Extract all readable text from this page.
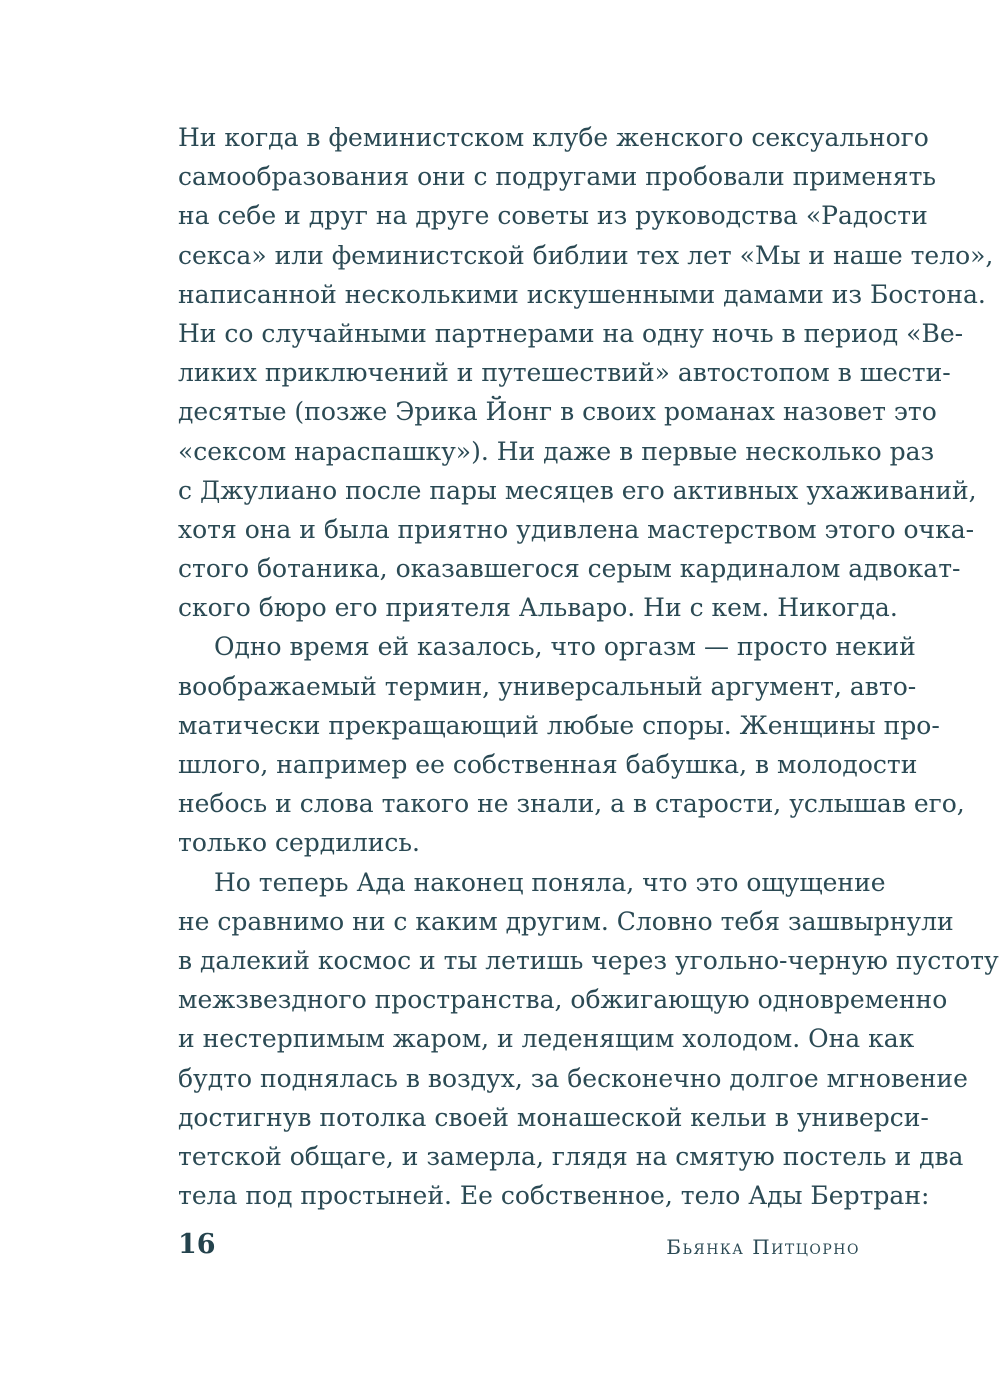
Ни когда в феминистском клубе женского сексуального
самообразования они с подругами пробовали применять
на себе и друг на друге советы из руководства «Радости
секса» или феминистской библии тех лет «Мы и наше тело»,
написанной несколькими искушенными дамами из Бостона.
Ни со случайными партнерами на одну ночь в период «Ве-
ликих приключений и путешествий» автостопом в шести-
десятые (позже Эрика Йонг в своих романах назовет это
«сексом нараспашку»). Ни даже в первые несколько раз
с Джулиано после пары месяцев его активных ухаживаний,
хотя она и была приятно удивлена мастерством этого очка-
стого ботаника, оказавшегося серым кардиналом адвокат-
ского бюро его приятеля Альваро. Ни с кем. Никогда.
Одно время ей казалось, что оргазм — просто некий
воображаемый термин, универсальный аргумент, авто-
матически прекращающий любые споры. Женщины про-
шлого, например ее собственная бабушка, в молодости
небось и слова такого не знали, а в старости, услышав его,
только сердились.
Но теперь Ада наконец поняла, что это ощущение
не сравнимо ни с каким другим. Словно тебя зашвырнули
в далекий космос и ты летишь через угольно-черную пустоту
межзвездного пространства, обжигающую одновременно
и нестерпимым жаром, и леденящим холодом. Она как
будто поднялась в воздух, за бесконечно долгое мгновение
достигнув потолка своей монашеской кельи в универси-
тетской общаге, и замерла, глядя на смятую постель и два
тела под простыней. Ее собственное, тело Ады Бертран:
16	Бьянка Питцорно
